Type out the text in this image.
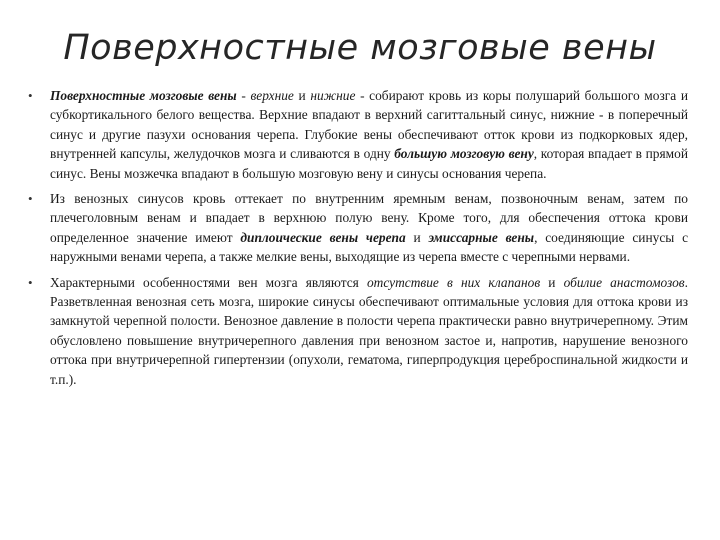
Поверхностные мозговые вены
•	Поверхностные мозговые вены - верхние и нижние - собирают кровь из коры полушарий большого мозга и субкортикального белого вещества. Верхние впадают в верхний сагиттальный синус, нижние - в поперечный синус и другие пазухи основания черепа. Глубокие вены обеспечивают отток крови из подкорковых ядер, внутренней капсулы, желудочков мозга и сливаются в одну большую мозговую вену, которая впадает в прямой синус. Вены мозжечка впадают в большую мозговую вену и синусы основания черепа.
•	Из венозных синусов кровь оттекает по внутренним яремным венам, позвоночным венам, затем по плечеголовным венам и впадает в верхнюю полую вену. Кроме того, для обеспечения оттока крови определенное значение имеют диплоические вены черепа и эмиссарные вены, соединяющие синусы с наружными венами черепа, а также мелкие вены, выходящие из черепа вместе с черепными нервами.
•	Характерными особенностями вен мозга являются отсутствие в них клапанов и обилие анастомозов. Разветвленная венозная сеть мозга, широкие синусы обеспечивают оптимальные условия для оттока крови из замкнутой черепной полости. Венозное давление в полости черепа практически равно внутричерепному. Этим обусловлено повышение внутричерепного давления при венозном застое и, напротив, нарушение венозного оттока при внутричерепной гипертензии (опухоли, гематома, гиперпродукция цереброспинальной жидкости и т.п.).
